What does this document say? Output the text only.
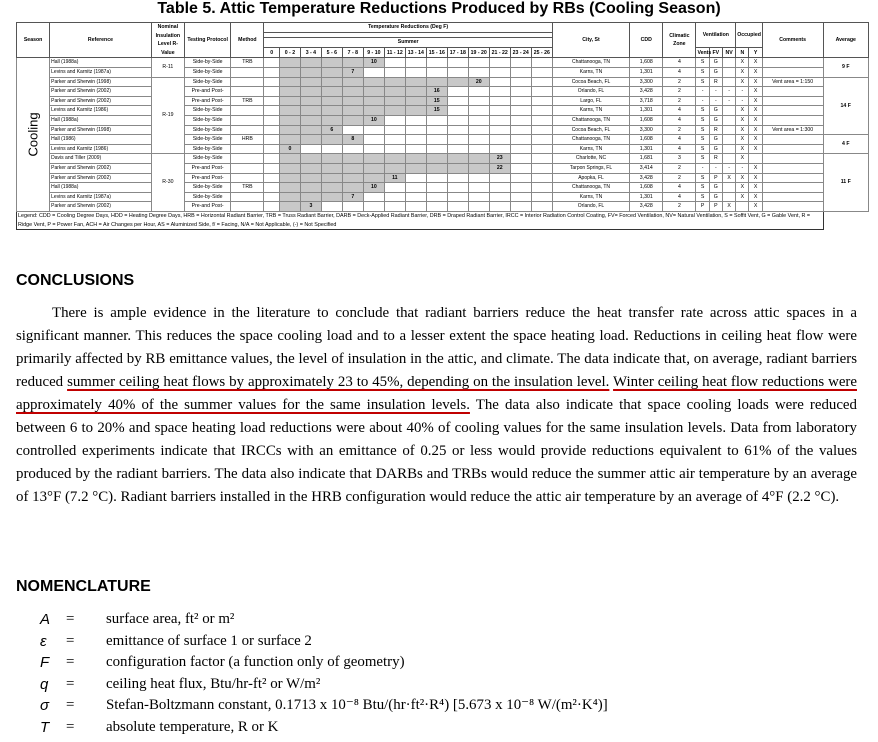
Table 5. Attic Temperature Reductions Produced by RBs (Cooling Season)
Season	Reference	Nominal Insulation Level R-Value	Testing Protocol	Method	Temperature Reductions (Deg F)														City, St	CDD	Climatic Zone	Ventilation			Occupied		Comments	Average

					Summer																							
					0	0 - 2	3 - 4	5 - 6	7 - 8	9 - 10	11 - 12	13 - 14	15 - 16	17 - 18	19 - 20	21 - 22	23 - 24	25 - 26				Vents	FV	NV	N	Y		
Cooling	Hall (1988a)	R-11	Side-by-Side	TRB						10									Chattanooga, TN	1,608	4	S	G		X	X		9 F
	Levins and Karnitz (1987a)		Side-by-Side						7										Karns, TN	1,301	4	S	G		X	X		
	Parker and Sherwin (1998)	R-19	Side-by-Side												20				Cocoa Beach, FL	3,300	2	S	R		X	X	Vent area = 1:150	14 F
	Parker and Sherwin (2002)		Pre-and Post-										16						Orlando, FL	3,428	2	-	-	-	-	X		
	Parker and Sherwin (2002)		Pre-and Post-	TRB									15						Largo, FL	3,718	2	-	-	-	-	X		
	Levins and Karnitz (1986)		Side-by-Side										15						Karns, TN	1,301	4	S	G		X	X		
	Hall (1988a)		Side-by-Side							10									Chattanooga, TN	1,608	4	S	G		X	X		
	Parker and Sherwin (1998)		Side-by-Side					6											Cocoa Beach, FL	3,300	2	S	R		X	X	Vent area = 1:300	
	Hall (1986)		Side-by-Side	HRB					8										Chattanooga, TN	1,608	4	S	G		X	X		4 F
	Levins and Karnitz (1986)		Side-by-Side			0													Karns, TN	1,301	4	S	G		X	X		
	Davis and Tiller (2009)	R-30	Side-by-Side													23			Charlotte, NC	1,681	3	S	R		X			11 F
	Parker and Sherwin (2002)		Pre-and Post-													22			Tarpon Springs, FL	3,414	2	-	-	-	-	X		
	Parker and Sherwin (2002)		Pre-and Post-								11								Apopka, FL	3,428	2	S	P	X	X	X		
	Hall (1988a)		Side-by-Side	TRB						10									Chattanooga, TN	1,608	4	S	G		X	X		
	Levins and Karnitz (1987a)		Side-by-Side						7										Karns, TN	1,301	4	S	G		X	X		
	Parker and Sherwin (2002)		Pre-and Post-				3												Orlando, FL	3,428	2	P	P	X		X		
Legend: CDD = Cooling Degree Days, HDD = Heating Degree Days, HRB = Horizontal Radiant Barrier, TRB = Truss Radiant Barrier, DARB = Deck-Applied Radiant Barrier, DRB = Draped Radiant Barrier, IRCC = Interior Radiation Control Coating, FV= Forced Ventilation, NV= Natural Ventilation, S = Soffit Vent, G = Gable Vent, R = Ridge Vent, P = Power Fan, ACH = Air Changes per Hour, AS = Aluminized Side, f/ = Facing, N/A = Not Applicable, (-) = Not Specified																												
CONCLUSIONS

There is ample evidence in the literature to conclude that radiant barriers reduce the heat transfer rate across attic spaces in a significant manner. This reduces the space cooling load and to a lesser extent the space heating load. Reductions in ceiling heat flow were primarily affected by RB emittance values, the level of insulation in the attic, and climate. The data indicate that, on average, radiant barriers reduced summer ceiling heat flows by approximately 23 to 45%, depending on the insulation level. Winter ceiling heat flow reductions were approximately 40% of the summer values for the same insulation levels. The data also indicate that space cooling loads were reduced between 6 to 20% and space heating load reductions were about 40% of cooling values for the same insulation levels. Data from laboratory controlled experiments indicate that IRCCs with an emittance of 0.25 or less would provide reductions equivalent to 61% of the values produced by the radiant barriers. The data also indicate that DARBs and TRBs would reduce the summer attic air temperature by an average of 13°F (7.2 °C). Radiant barriers installed in the HRB configuration would reduce the attic air temperature by an average of 4°F (2.2 °C).

NOMENCLATURE
A	=	surface area, ft² or m²
ε	=	emittance of surface 1 or surface 2
F	=	configuration factor (a function only of geometry)
q	=	ceiling heat flux, Btu/hr-ft² or W/m²
σ	=	Stefan-Boltzmann constant, 0.1713 x 10⁻⁸ Btu/(hr·ft²·R⁴) [5.673 x 10⁻⁸ W/(m²·K⁴)]
T	=	absolute temperature, R or K
